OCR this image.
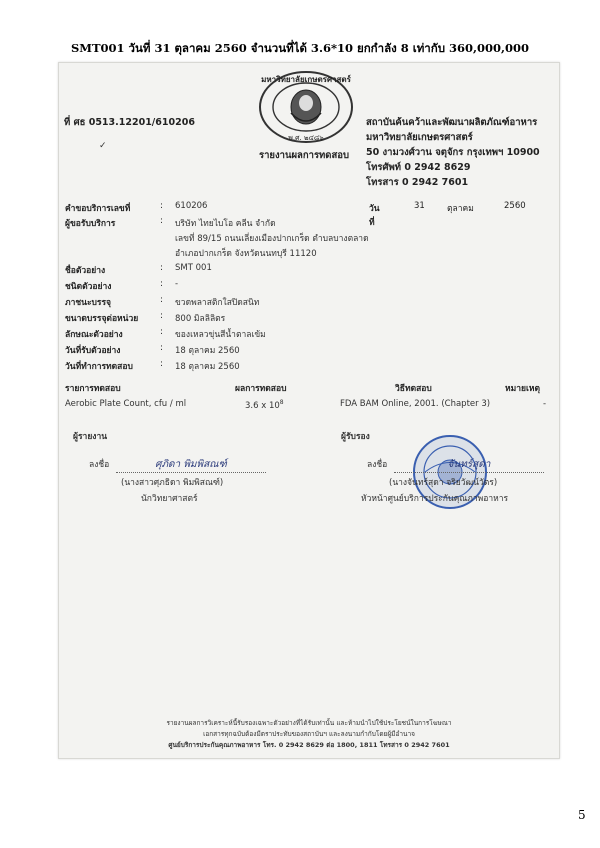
SMT001 วันที่ 31 ตุลาคม 2560 จำนวนที่ได้ 3.6*10 ยกกำลัง 8 เท่ากับ 360,000,000
มหาวิทยาลัยเกษตรศาสตร์
พ.ศ. ๒๔๘๖
ที่ ศธ 0513.12201/610206
✓
รายงานผลการทดสอบ
สถาบันค้นคว้าและพัฒนาผลิตภัณฑ์อาหาร
มหาวิทยาลัยเกษตรศาสตร์
50 งามวงศ์วาน จตุจักร กรุงเทพฯ 10900
โทรศัพท์ 0 2942 8629
โทรสาร 0 2942 7601
วันที่
31	ตุลาคม	2560
คำขอบริการเลขที่	: 610206
ผู้ขอรับบริการ	: บริษัท ไทยไบโอ คลีน จำกัด
เลขที่ 89/15 ถนนเลี่ยงเมืองปากเกร็ด ตำบลบางตลาด
อำเภอปากเกร็ด จังหวัดนนทบุรี 11120
ชื่อตัวอย่าง	: SMT 001
ชนิดตัวอย่าง	: -
ภาชนะบรรจุ	: ขวดพลาสติกใสปิดสนิท
ขนาดบรรจุต่อหน่วย	: 800 มิลลิลิตร
ลักษณะตัวอย่าง	: ของเหลวขุ่นสีน้ำตาลเข้ม
วันที่รับตัวอย่าง	: 18 ตุลาคม 2560
วันที่ทำการทดสอบ	: 18 ตุลาคม 2560
รายการทดสอบ	ผลการทดสอบ	วิธีทดสอบ	หมายเหตุ
Aerobic Plate Count, cfu / ml	3.6 x $10^8$	FDA BAM Online, 2001. (Chapter 3)	-
ผู้รายงาน
ลงชื่อ	ศุภิดา พิมพิสณฑ์
(นางสาวศุภธิดา พิมพิสณฑ์)
นักวิทยาศาสตร์
ผู้รับรอง
ลงชื่อ	จันทร์สุดา
(นางจันทร์สุดา จริยวัฒน์วัตร)
หัวหน้าศูนย์บริการประกันคุณภาพอาหาร
รายงานผลการวิเคราะห์นี้รับรองเฉพาะตัวอย่างที่ได้รับเท่านั้น และห้ามนำไปใช้ประโยชน์ในการโฆษณา
เอกสารทุกฉบับต้องมีตราประทับของสถาบันฯ และลงนามกำกับโดยผู้มีอำนาจ
ศูนย์บริการประกันคุณภาพอาหาร โทร. 0 2942 8629 ต่อ 1800, 1811 โทรสาร 0 2942 7601
5
